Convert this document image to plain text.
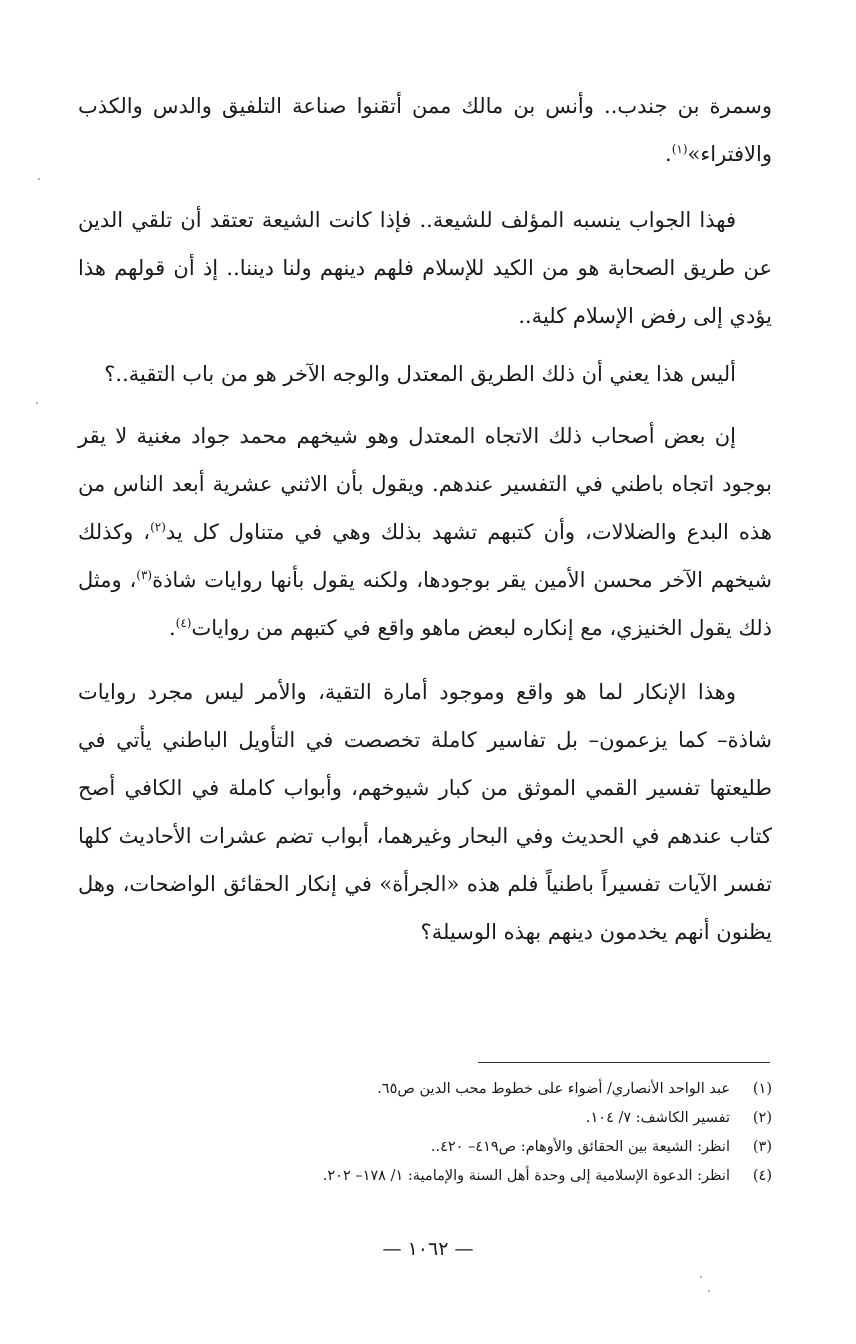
وسمرة بن جندب.. وأنس بن مالك ممن أتقنوا صناعة التلفيق والدس والكذب والافتراء»$^{(١)}$.

فهذا الجواب ينسبه المؤلف للشيعة.. فإذا كانت الشيعة تعتقد أن تلقي الدين عن طريق الصحابة هو من الكيد للإسلام فلهم دينهم ولنا ديننا.. إذ أن قولهم هذا يؤدي إلى رفض الإسلام كلية..

أليس هذا يعني أن ذلك الطريق المعتدل والوجه الآخر هو من باب التقية..؟

إن بعض أصحاب ذلك الاتجاه المعتدل وهو شيخهم محمد جواد مغنية لا يقر بوجود اتجاه باطني في التفسير عندهم. ويقول بأن الاثني عشرية أبعد الناس من هذه البدع والضلالات، وأن كتبهم تشهد بذلك وهي في متناول كل يد$^{(٢)}$، وكذلك شيخهم الآخر محسن الأمين يقر بوجودها، ولكنه يقول بأنها روايات شاذة$^{(٣)}$، ومثل ذلك يقول الخنيزي، مع إنكاره لبعض ماهو واقع في كتبهم من روايات$^{(٤)}$.

وهذا الإنكار لما هو واقع وموجود أمارة التقية، والأمر ليس مجرد روايات شاذة– كما يزعمون– بل تفاسير كاملة تخصصت في التأويل الباطني يأتي في طليعتها تفسير القمي الموثق من كبار شيوخهم، وأبواب كاملة في الكافي أصح كتاب عندهم في الحديث وفي البحار وغيرهما، أبواب تضم عشرات الأحاديث كلها تفسر الآيات تفسيراً باطنياً فلم هذه «الجرأة» في إنكار الحقائق الواضحات، وهل يظنون أنهم يخدمون دينهم بهذه الوسيلة؟

(١)
عبد الواحد الأنصاري/ أضواء على خطوط محب الدين ص٦٥.
(٢)
تفسير الكاشف: ٧/ ١٠٤.
(٣)
انظر: الشيعة بين الحقائق والأوهام: ص٤١٩– ٤٢٠..
(٤)
انظر: الدعوة الإسلامية إلى وحدة أهل السنة والإمامية: ١/ ١٧٨– ٢٠٢.
— ١٠٦٢ —
